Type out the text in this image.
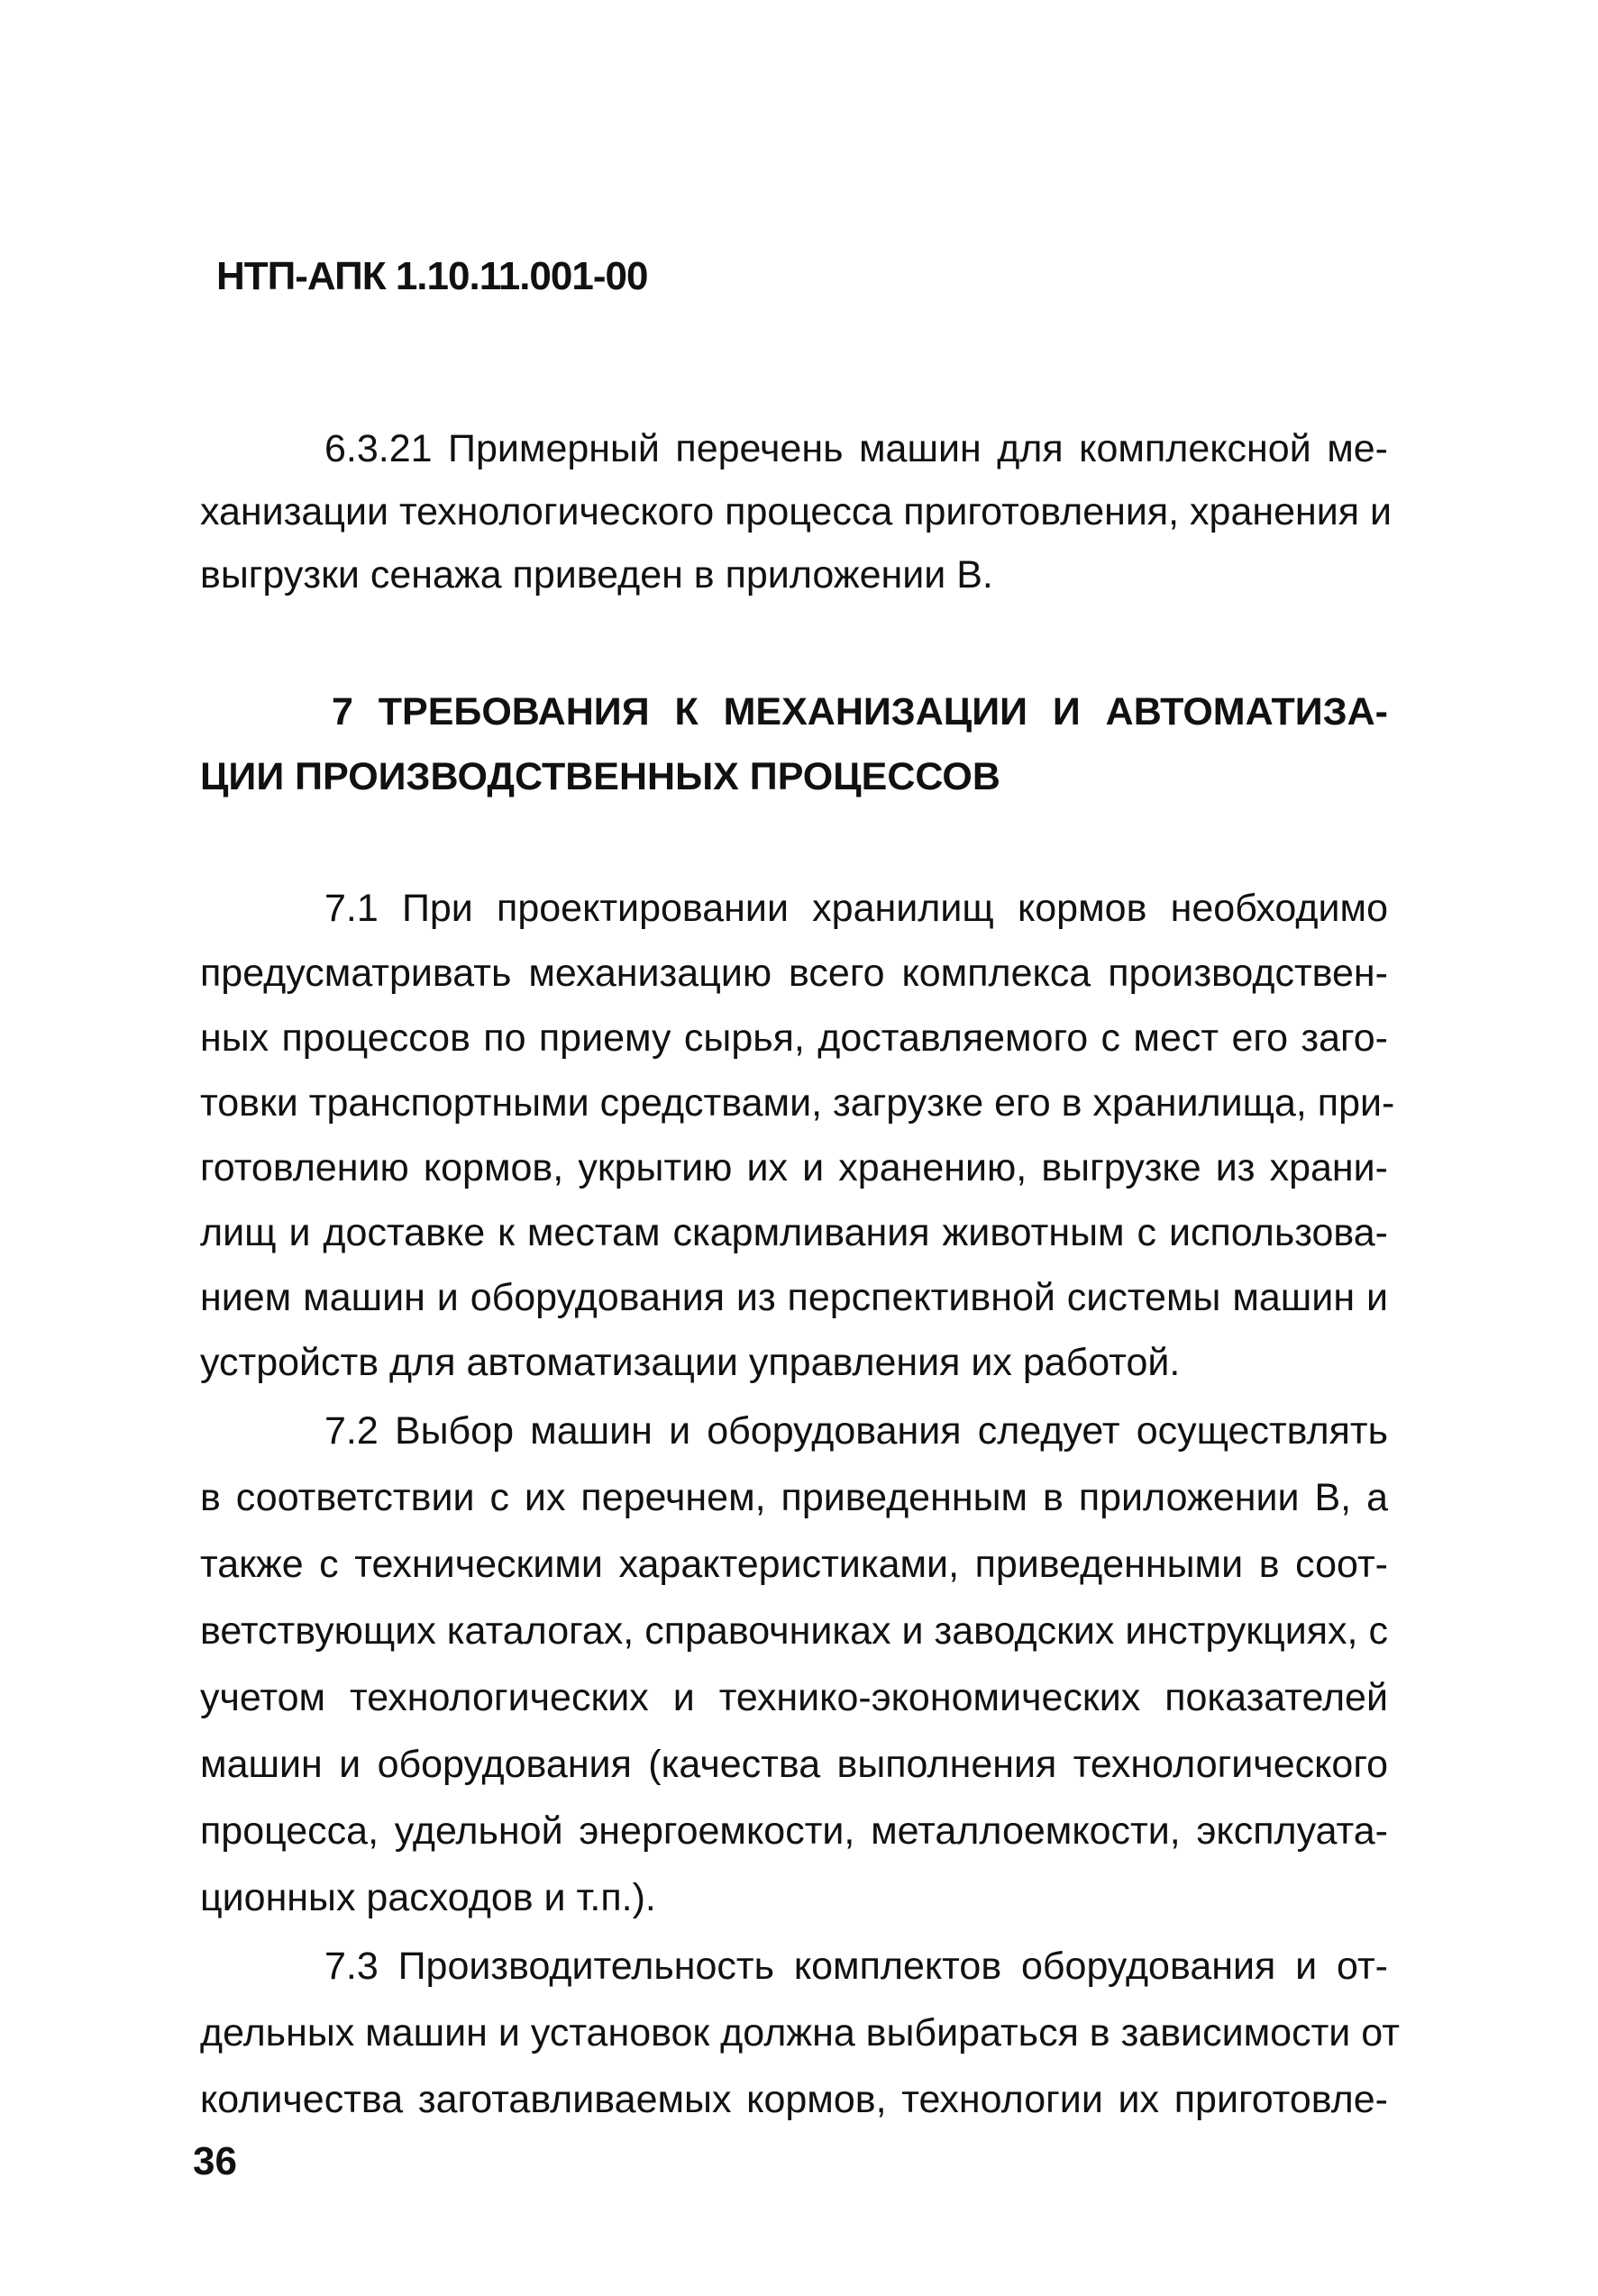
НТП-АПК 1.10.11.001-00

6.3.21 Примерный перечень машин для комплексной ме-

ханизации технологического процесса приготовления, хранения и

выгрузки сенажа приведен в приложении В.

7 ТРЕБОВАНИЯ К МЕХАНИЗАЦИИ И АВТОМАТИЗА-

ЦИИ ПРОИЗВОДСТВЕННЫХ ПРОЦЕССОВ

7.1 При проектировании хранилищ кормов необходимо

предусматривать механизацию всего комплекса производствен-

ных процессов по приему сырья, доставляемого с мест его заго-

товки транспортными средствами, загрузке его в хранилища, при-

готовлению кормов, укрытию их и хранению, выгрузке из храни-

лищ и доставке к местам скармливания животным с использова-

нием машин и оборудования из перспективной системы машин и

устройств для автоматизации управления их работой.

7.2 Выбор машин и оборудования следует осуществлять

в соответствии с их перечнем, приведенным в приложении В, а

также с техническими характеристиками, приведенными в соот-

ветствующих каталогах, справочниках и заводских инструкциях, с

учетом технологических и технико-экономических показателей

машин и оборудования (качества выполнения технологического

процесса, удельной энергоемкости, металлоемкости, эксплуата-

ционных расходов и т.п.).

7.3 Производительность комплектов оборудования и от-

дельных машин и установок должна выбираться в зависимости от

количества заготавливаемых кормов, технологии их приготовле-

36
